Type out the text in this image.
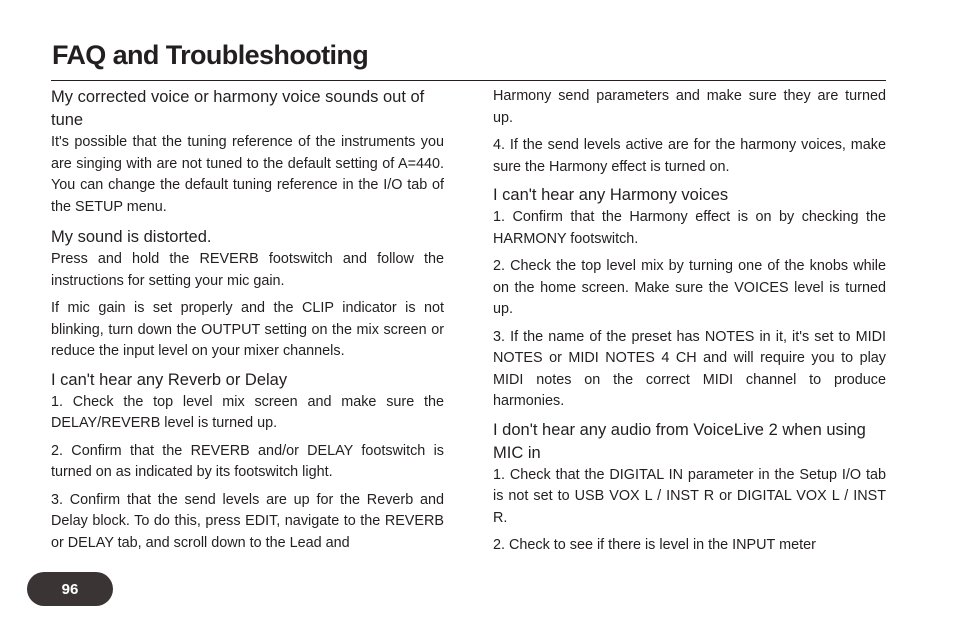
FAQ and Troubleshooting
My corrected voice or harmony voice sounds out of tune

It's possible that the tuning reference of the instruments you are singing with are not tuned to the default setting of A=440. You can change the default tuning reference in the I/O tab of the SETUP menu.

My sound is distorted.

Press and hold the REVERB footswitch and follow the instructions for setting your mic gain.

If mic gain is set properly and the CLIP indicator is not blinking, turn down the OUTPUT setting on the mix screen or reduce the input level on your mixer channels.

I can't hear any Reverb or Delay

1. Check the top level mix screen and make sure the DELAY/REVERB level is turned up.

2. Confirm that the REVERB and/or DELAY footswitch is turned on as indicated by its footswitch light.

3. Confirm that the send levels are up for the Reverb and Delay block. To do this, press EDIT, navigate to the REVERB or DELAY tab, and scroll down to the Lead and

Harmony send parameters and make sure they are turned up.

4. If the send levels active are for the harmony voices, make sure the Harmony effect is turned on.

I can't hear any Harmony voices

1. Confirm that the Harmony effect is on by checking the HARMONY footswitch.

2. Check the top level mix by turning one of the knobs while on the home screen. Make sure the VOICES level is turned up.

3. If the name of the preset has NOTES in it, it's set to MIDI NOTES or MIDI NOTES 4 CH and will require you to play MIDI notes on the correct MIDI channel to produce harmonies.

I don't hear any audio from VoiceLive 2 when using MIC in

1. Check that the DIGITAL IN parameter in the Setup I/O tab is not set to USB VOX L / INST R or DIGITAL VOX L / INST R.

2. Check to see if there is level in the INPUT meter

96
